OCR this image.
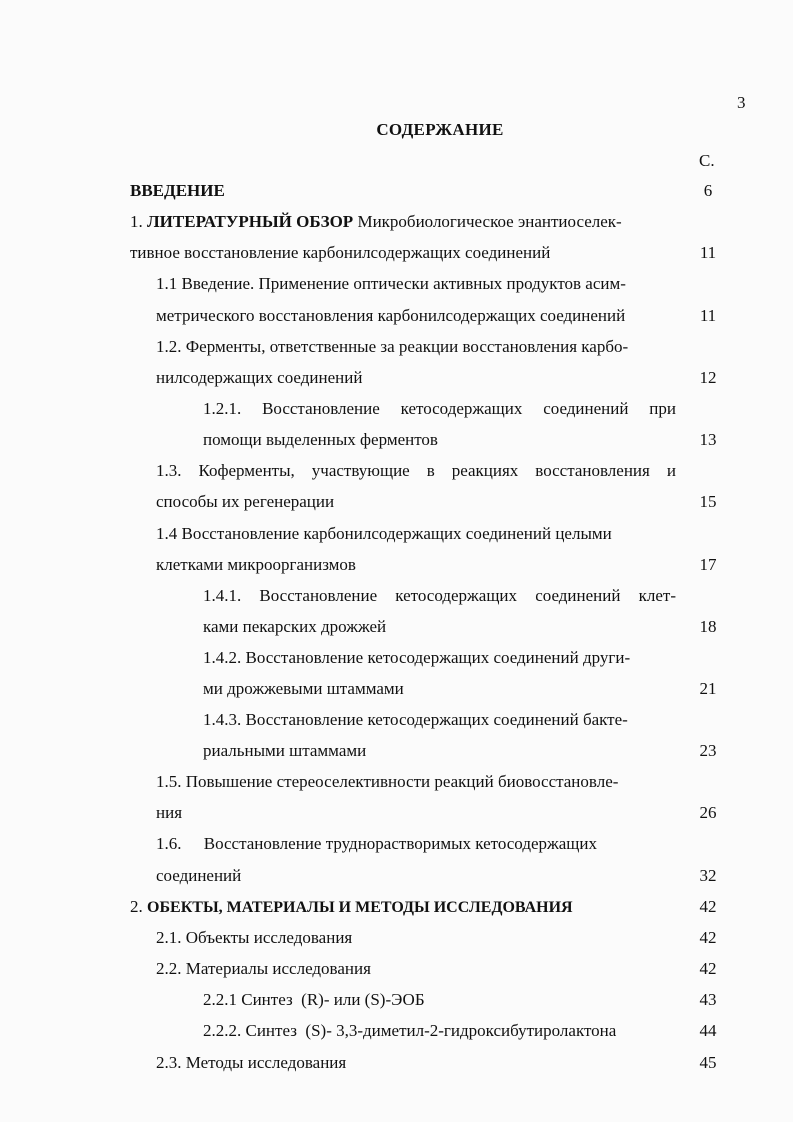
3
СОДЕРЖАНИЕ
С.
ВВЕДЕНИЕ	6
1. ЛИТЕРАТУРНЫЙ ОБЗОР Микробиологическое энантиоселек-
тивное восстановление карбонилсодержащих соединений	11
1.1 Введение. Применение оптически активных продуктов асим-
метрического восстановления карбонилсодержащих соединений	11
1.2. Ферменты, ответственные за реакции восстановления карбо-
нилсодержащих соединений	12
1.2.1. Восстановление кетосодержащих соединений при
помощи выделенных ферментов	13
1.3. Коферменты, участвующие в реакциях восстановления и
способы их регенерации	15
1.4 Восстановление карбонилсодержащих соединений целыми
клетками микроорганизмов	17
1.4.1. Восстановление кетосодержащих соединений клет-
ками пекарских дрожжей	18
1.4.2. Восстановление кетосодержащих соединений други-
ми дрожжевыми штаммами	21
1.4.3. Восстановление кетосодержащих соединений бакте-
риальными штаммами	23
1.5. Повышение стереоселективности реакций биовосстановле-
ния	26
1.6. Восстановление труднорастворимых кетосодержащих
соединений	32
2. ОБЕКТЫ, МАТЕРИАЛЫ И МЕТОДЫ ИССЛЕДОВАНИЯ	42
2.1. Объекты исследования	42
2.2. Материалы исследования	42
2.2.1 Синтез  (R)- или (S)-ЭОБ	43
2.2.2. Синтез  (S)- 3,3-диметил-2-гидроксибутиролактона	44
2.3. Методы исследования	45
